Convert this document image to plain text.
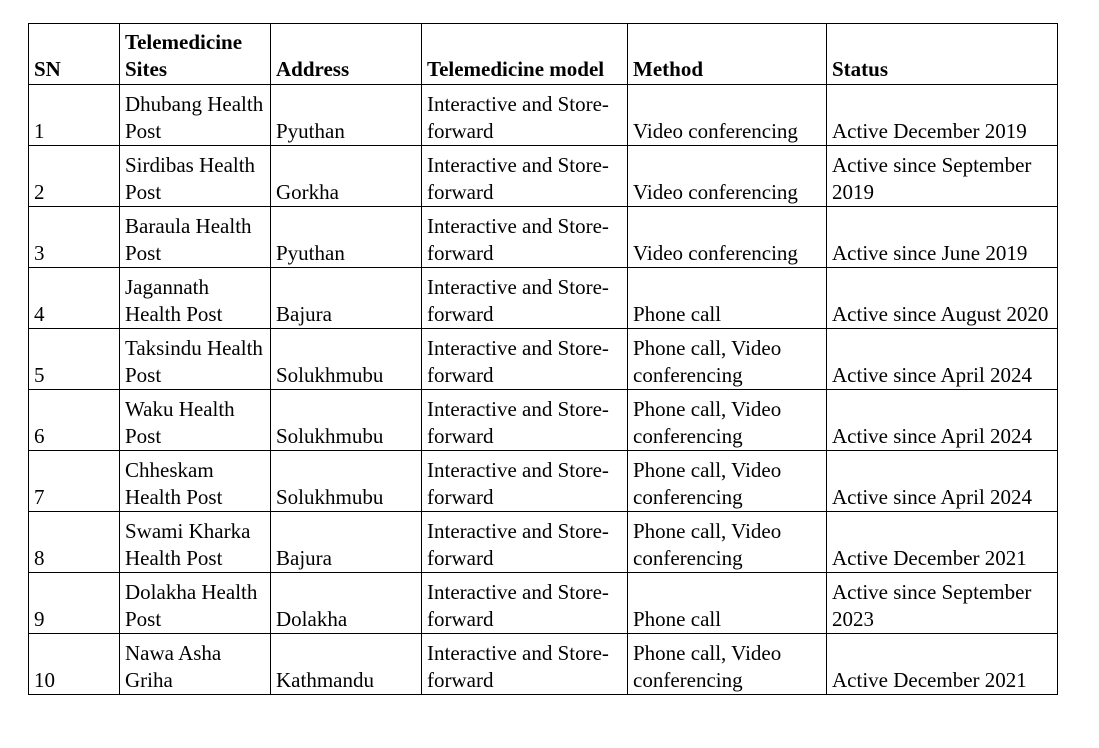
SN	Telemedicine Sites	Address	Telemedicine model	Method	Status
1	Dhubang Health Post	Pyuthan	Interactive and Store-forward	Video conferencing	Active December 2019
2	Sirdibas Health Post	Gorkha	Interactive and Store-forward	Video conferencing	Active since September 2019
3	Baraula Health Post	Pyuthan	Interactive and Store-forward	Video conferencing	Active since June 2019
4	Jagannath Health Post	Bajura	Interactive and Store-forward	Phone call	Active since August 2020
5	Taksindu Health Post	Solukhmubu	Interactive and Store-forward	Phone call, Video conferencing	Active since April 2024
6	Waku Health Post	Solukhmubu	Interactive and Store-forward	Phone call, Video conferencing	Active since April 2024
7	Chheskam Health Post	Solukhmubu	Interactive and Store-forward	Phone call, Video conferencing	Active since April 2024
8	Swami Kharka Health Post	Bajura	Interactive and Store-forward	Phone call, Video conferencing	Active December 2021
9	Dolakha Health Post	Dolakha	Interactive and Store-forward	Phone call	Active since September 2023
10	Nawa Asha Griha	Kathmandu	Interactive and Store-forward	Phone call, Video conferencing	Active December 2021
